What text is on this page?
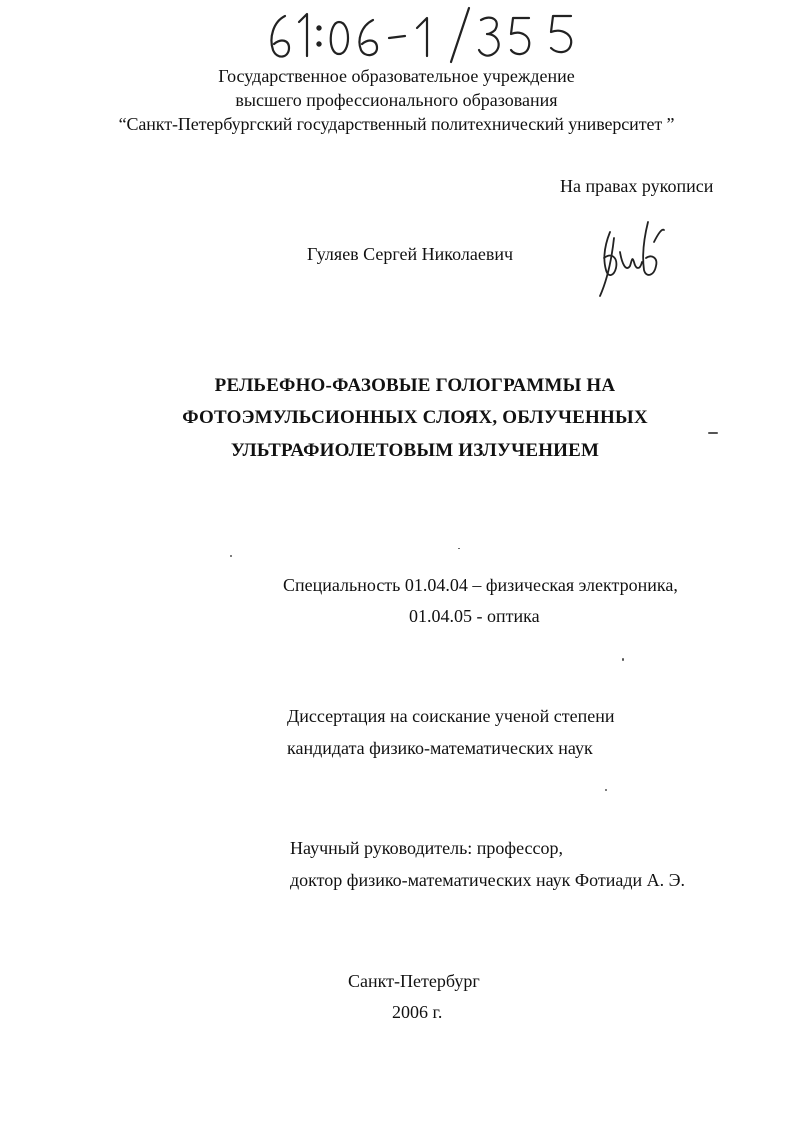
Государственное образовательное учреждение
высшего профессионального образования
“Санкт-Петербургский государственный политехнический университет ”
На правах рукописи
Гуляев Сергей Николаевич
РЕЛЬЕФНО-ФАЗОВЫЕ ГОЛОГРАММЫ НА
ФОТОЭМУЛЬСИОННЫХ СЛОЯХ, ОБЛУЧЕННЫХ
УЛЬТРАФИОЛЕТОВЫМ ИЗЛУЧЕНИЕМ
Специальность 01.04.04 – физическая электроника,
01.04.05 - оптика
Диссертация на соискание ученой степени
кандидата физико-математических наук
Научный руководитель: профессор,
доктор физико-математических наук Фотиади А. Э.
Санкт-Петербург
2006 г.
